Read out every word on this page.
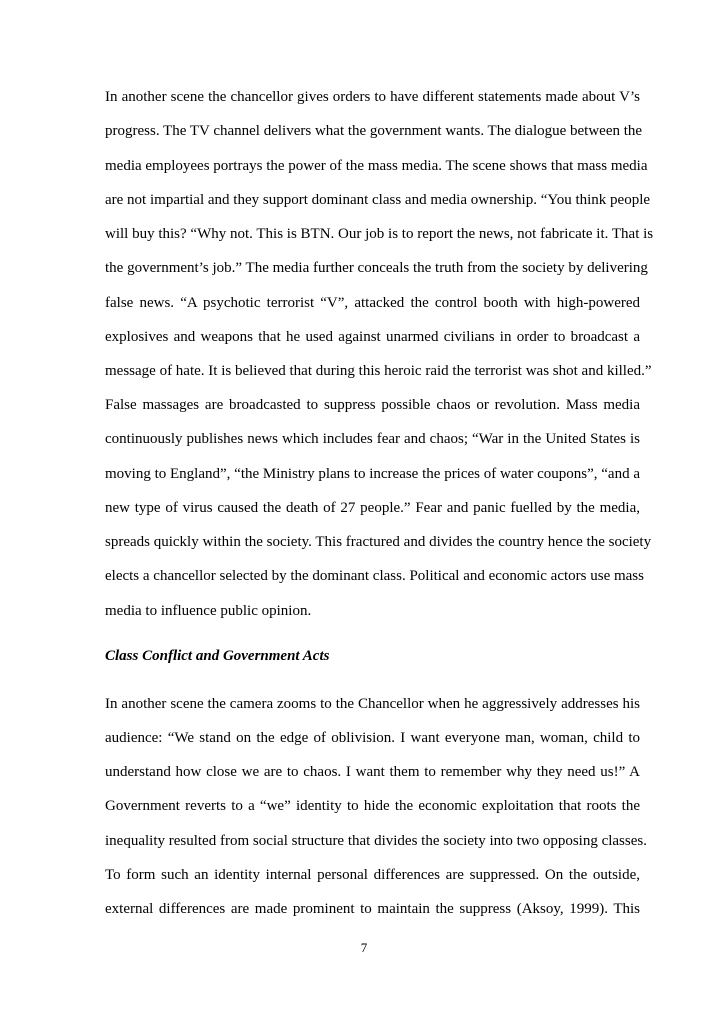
In another scene the chancellor gives orders to have different statements made about V’s
progress. The TV channel delivers what the government wants. The dialogue between the
media employees portrays the power of the mass media. The scene shows that mass media
are not impartial and they support dominant class and media ownership. “You think people
will buy this? “Why not. This is BTN. Our job is to report the news, not fabricate it. That is
the government’s job.” The media further conceals the truth from the society by delivering
false news. “A psychotic terrorist “V”, attacked the control booth with high-powered
explosives and weapons that he used against unarmed civilians in order to broadcast a
message of hate. It is believed that during this heroic raid the terrorist was shot and killed.”
False massages are broadcasted to suppress possible chaos or revolution. Mass media
continuously publishes news which includes fear and chaos; “War in the United States is
moving to England”, “the Ministry plans to increase the prices of water coupons”, “and a
new type of virus caused the death of 27 people.” Fear and panic fuelled by the media,
spreads quickly within the society. This fractured and divides the country hence the society
elects a chancellor selected by the dominant class. Political and economic actors use mass
media to influence public opinion.
Class Conflict and Government Acts
In another scene the camera zooms to the Chancellor when he aggressively addresses his
audience: “We stand on the edge of oblivision. I want everyone man, woman, child to
understand how close we are to chaos. I want them to remember why they need us!” A
Government reverts to a “we” identity to hide the economic exploitation that roots the
inequality resulted from social structure that divides the society into two opposing classes.
To form such an identity internal personal differences are suppressed. On the outside,
external differences are made prominent to maintain the suppress (Aksoy, 1999). This
7
